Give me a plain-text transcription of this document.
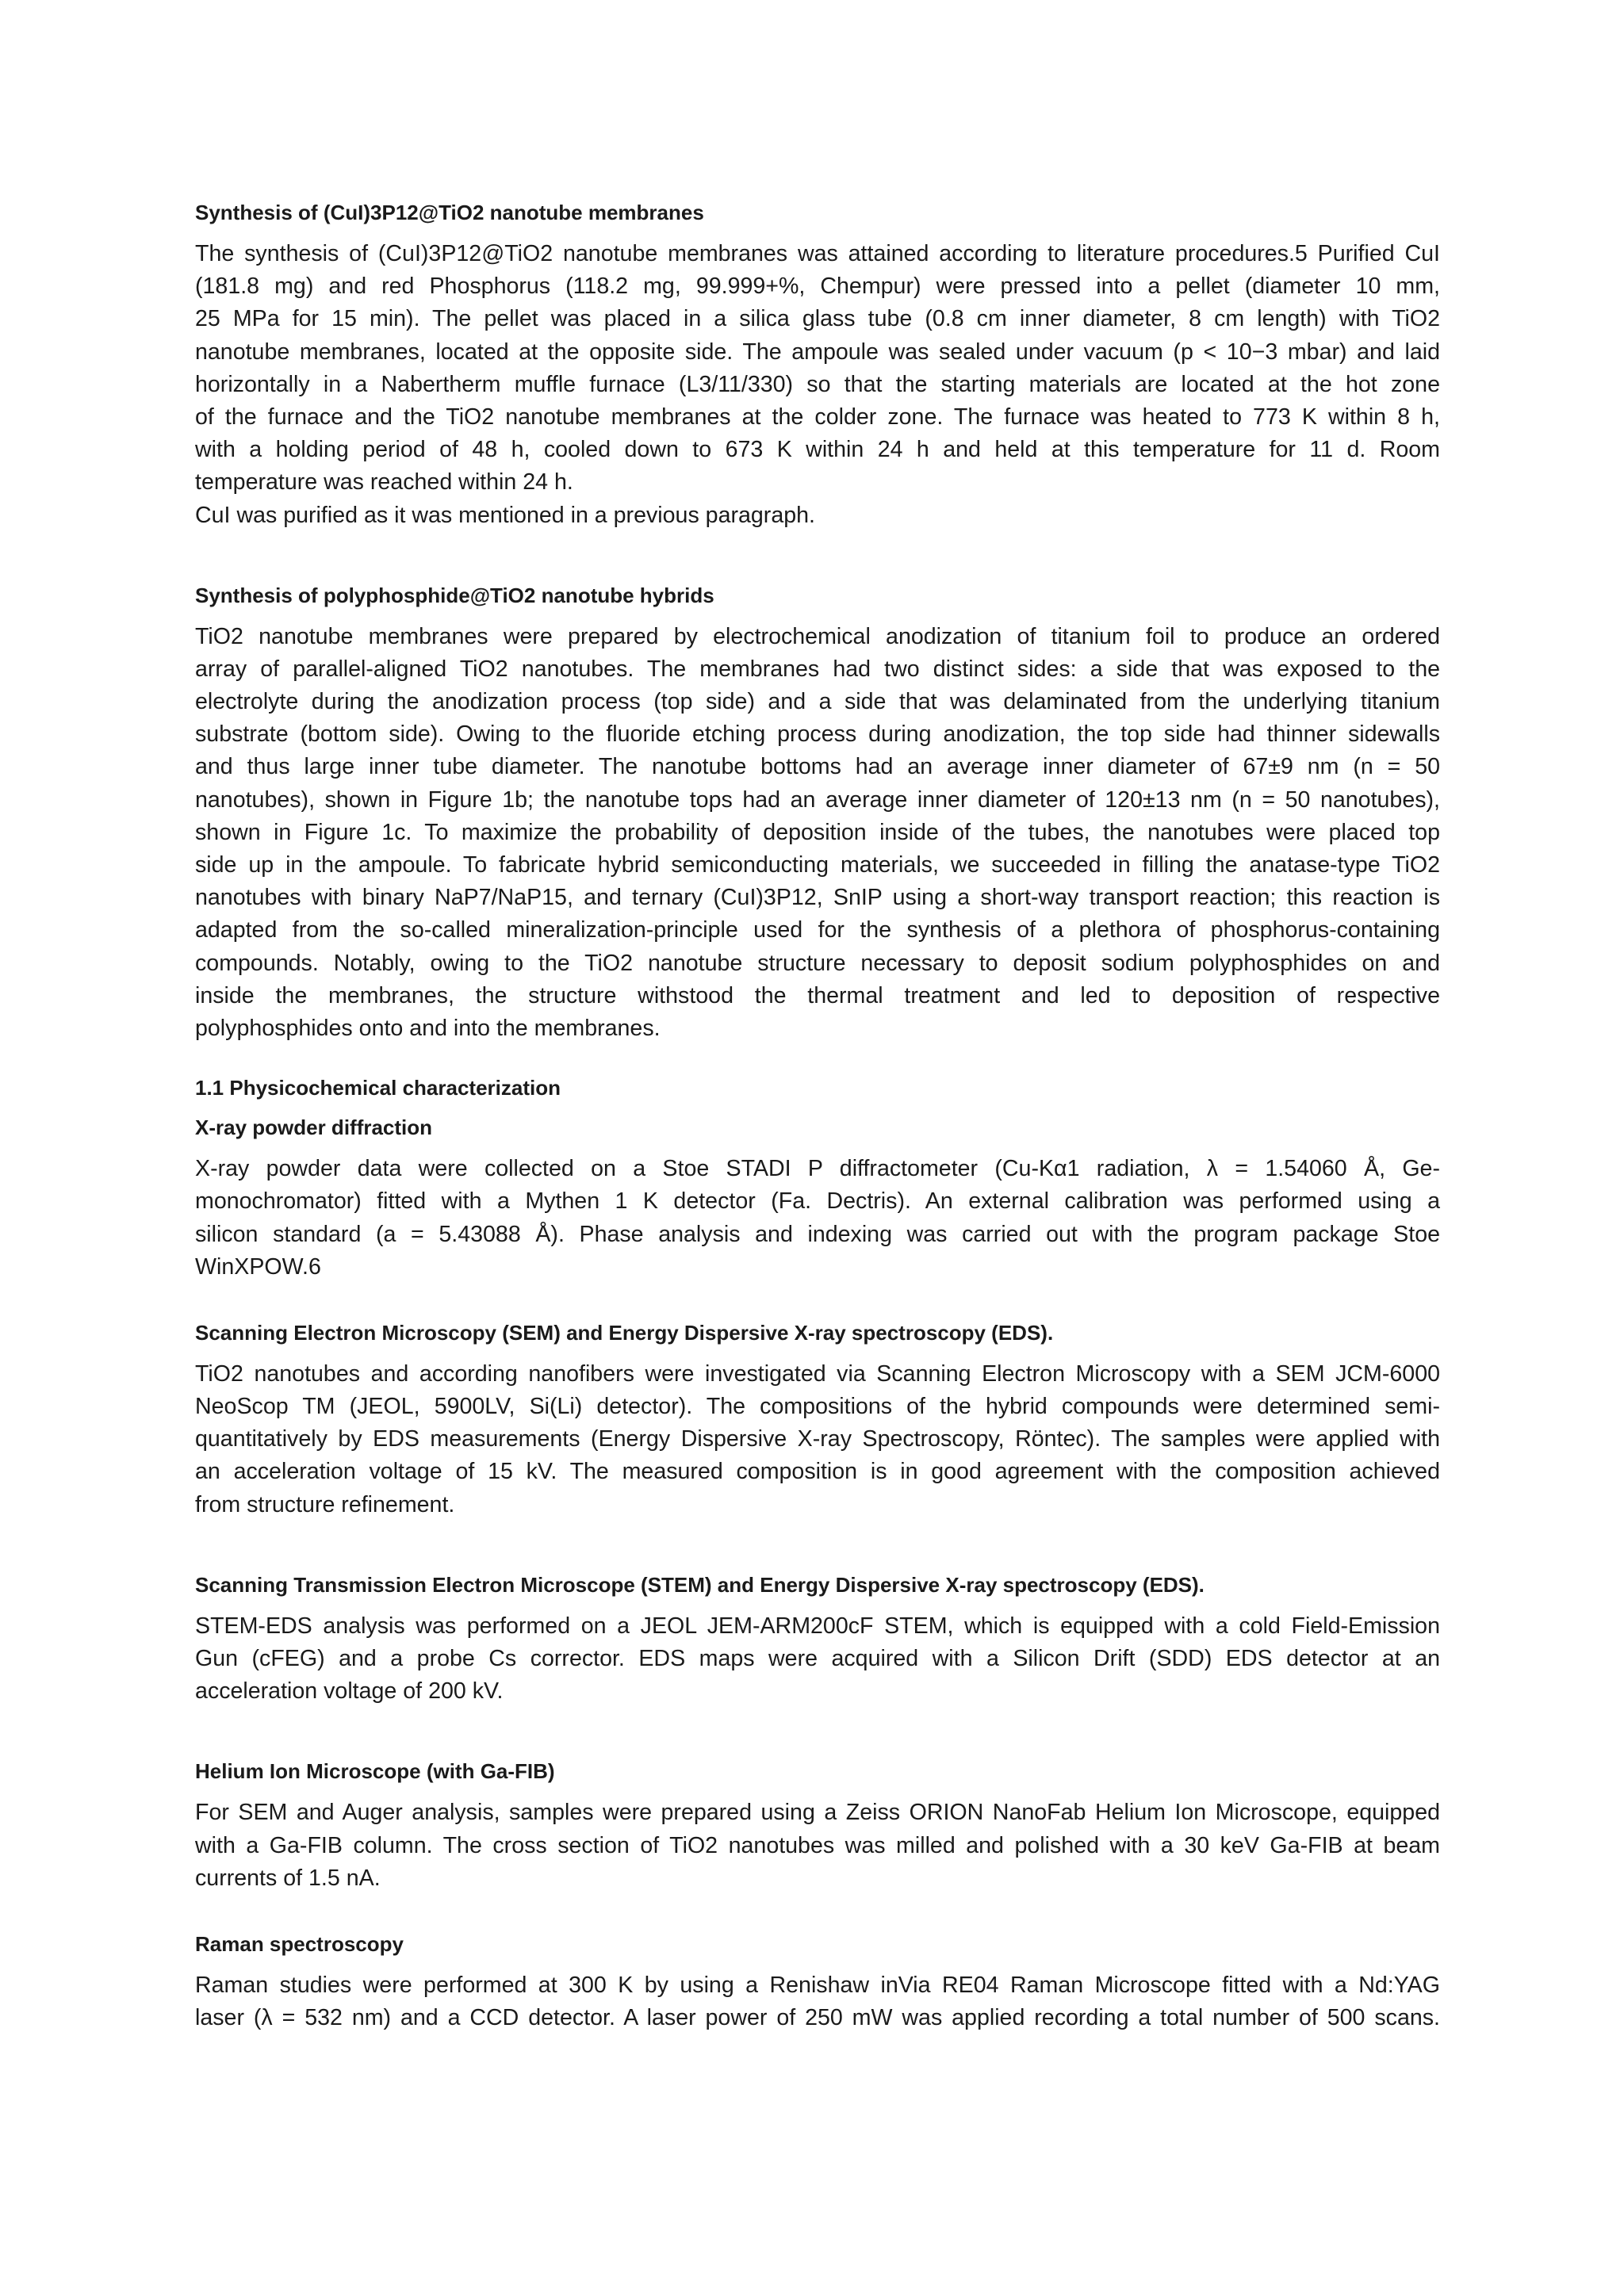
Synthesis of (CuI)3P12@TiO2 nanotube membranes
The synthesis of (CuI)3P12@TiO2 nanotube membranes was attained according to literature procedures.5 Purified CuI
(181.8 mg) and red Phosphorus (118.2 mg, 99.999+%, Chempur) were pressed into a pellet (diameter 10 mm,
25 MPa for 15 min). The pellet was placed in a silica glass tube (0.8 cm inner diameter, 8 cm length) with TiO2
nanotube membranes, located at the opposite side. The ampoule was sealed under vacuum (p < 10−3 mbar) and laid
horizontally in a Nabertherm muffle furnace (L3/11/330) so that the starting materials are located at the hot zone
of the furnace and the TiO2 nanotube membranes at the colder zone. The furnace was heated to 773 K within 8 h,
with a holding period of 48 h, cooled down to 673 K within 24 h and held at this temperature for 11 d. Room
temperature was reached within 24 h.
CuI was purified as it was mentioned in a previous paragraph.
Synthesis of polyphosphide@TiO2 nanotube hybrids
TiO2 nanotube membranes were prepared by electrochemical anodization of titanium foil to produce an ordered
array of parallel-aligned TiO2 nanotubes. The membranes had two distinct sides: a side that was exposed to the
electrolyte during the anodization process (top side) and a side that was delaminated from the underlying titanium
substrate (bottom side). Owing to the fluoride etching process during anodization, the top side had thinner sidewalls
and thus large inner tube diameter. The nanotube bottoms had an average inner diameter of 67±9 nm (n = 50
nanotubes), shown in Figure 1b; the nanotube tops had an average inner diameter of 120±13 nm (n = 50 nanotubes),
shown in Figure 1c. To maximize the probability of deposition inside of the tubes, the nanotubes were placed top
side up in the ampoule. To fabricate hybrid semiconducting materials, we succeeded in filling the anatase-type TiO2
nanotubes with binary NaP7/NaP15, and ternary (CuI)3P12, SnIP using a short-way transport reaction; this reaction is
adapted from the so-called mineralization-principle used for the synthesis of a plethora of phosphorus-containing
compounds. Notably, owing to the TiO2 nanotube structure necessary to deposit sodium polyphosphides on and
inside the membranes, the structure withstood the thermal treatment and led to deposition of respective
polyphosphides onto and into the membranes.
1.1 Physicochemical characterization
X-ray powder diffraction
X-ray powder data were collected on a Stoe STADI P diffractometer (Cu-Kα1 radiation, λ = 1.54060 Å, Ge-
monochromator) fitted with a Mythen 1 K detector (Fa. Dectris). An external calibration was performed using a
silicon standard (a = 5.43088 Å). Phase analysis and indexing was carried out with the program package Stoe
WinXPOW.6
Scanning Electron Microscopy (SEM) and Energy Dispersive X-ray spectroscopy (EDS).
TiO2 nanotubes and according nanofibers were investigated via Scanning Electron Microscopy with a SEM JCM-6000
NeoScop TM (JEOL, 5900LV, Si(Li) detector). The compositions of the hybrid compounds were determined semi-
quantitatively by EDS measurements (Energy Dispersive X-ray Spectroscopy, Röntec). The samples were applied with
an acceleration voltage of 15 kV. The measured composition is in good agreement with the composition achieved
from structure refinement.
Scanning Transmission Electron Microscope (STEM) and Energy Dispersive X-ray spectroscopy (EDS).
STEM-EDS analysis was performed on a JEOL JEM-ARM200cF STEM, which is equipped with a cold Field-Emission
Gun (cFEG) and a probe Cs corrector. EDS maps were acquired with a Silicon Drift (SDD) EDS detector at an
acceleration voltage of 200 kV.
Helium Ion Microscope (with Ga-FIB)
For SEM and Auger analysis, samples were prepared using a Zeiss ORION NanoFab Helium Ion Microscope, equipped
with a Ga-FIB column. The cross section of TiO2 nanotubes was milled and polished with a 30 keV Ga-FIB at beam
currents of 1.5 nA.
Raman spectroscopy
Raman studies were performed at 300 K by using a Renishaw inVia RE04 Raman Microscope fitted with a Nd:YAG
laser (λ = 532 nm) and a CCD detector. A laser power of 250 mW was applied recording a total number of 500 scans.
